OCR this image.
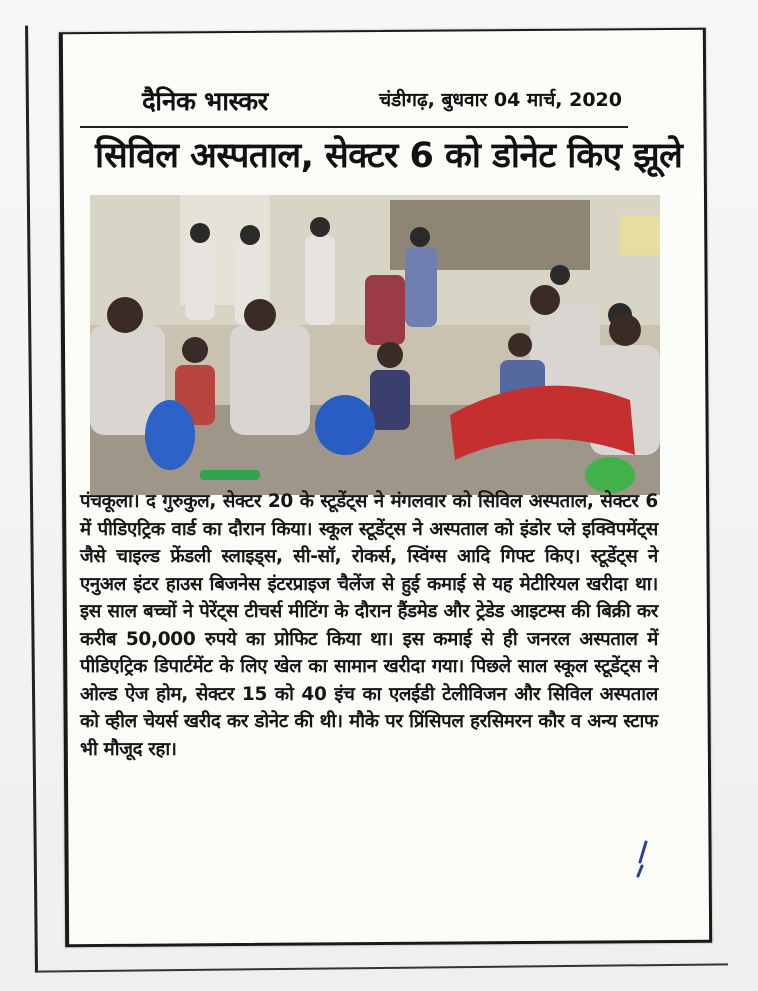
दैनिक भास्कर	चंडीगढ़, बुधवार 04 मार्च, 2020
सिविल अस्पताल, सेक्टर 6 को डोनेट किए झूले
पंचकूला। द गुरुकुल, सेक्टर 20 के स्टूडेंट्स ने मंगलवार को सिविल अस्पताल, सेक्टर 6 में पीडिएट्रिक वार्ड का दौरान किया। स्कूल स्टूडेंट्स ने अस्पताल को इंडोर प्ले इक्विपमेंट्स जैसे चाइल्ड फ्रेंडली स्लाइड्स, सी-सॉ, रोकर्स, स्विंग्स आदि गिफ्ट किए। स्टूडेंट्स ने एनुअल इंटर हाउस बिजनेस इंटरप्राइज चैलेंज से हुई कमाई से यह मेटीरियल खरीदा था। इस साल बच्चों ने पेरेंट्स टीचर्स मीटिंग के दौरान हैंडमेड और ट्रेडेड आइटम्स की बिक्री कर करीब 50,000 रुपये का प्रोफिट किया था। इस कमाई से ही जनरल अस्पताल में पीडिएट्रिक डिपार्टमेंट के लिए खेल का सामान खरीदा गया। पिछले साल स्कूल स्टूडेंट्स ने ओल्ड ऐज होम, सेक्टर 15 को 40 इंच का एलईडी टेलीविजन और सिविल अस्पताल को व्हील चेयर्स खरीद कर डोनेट की थी। मौके पर प्रिंसिपल हरसिमरन कौर व अन्य स्टाफ भी मौजूद रहा।
